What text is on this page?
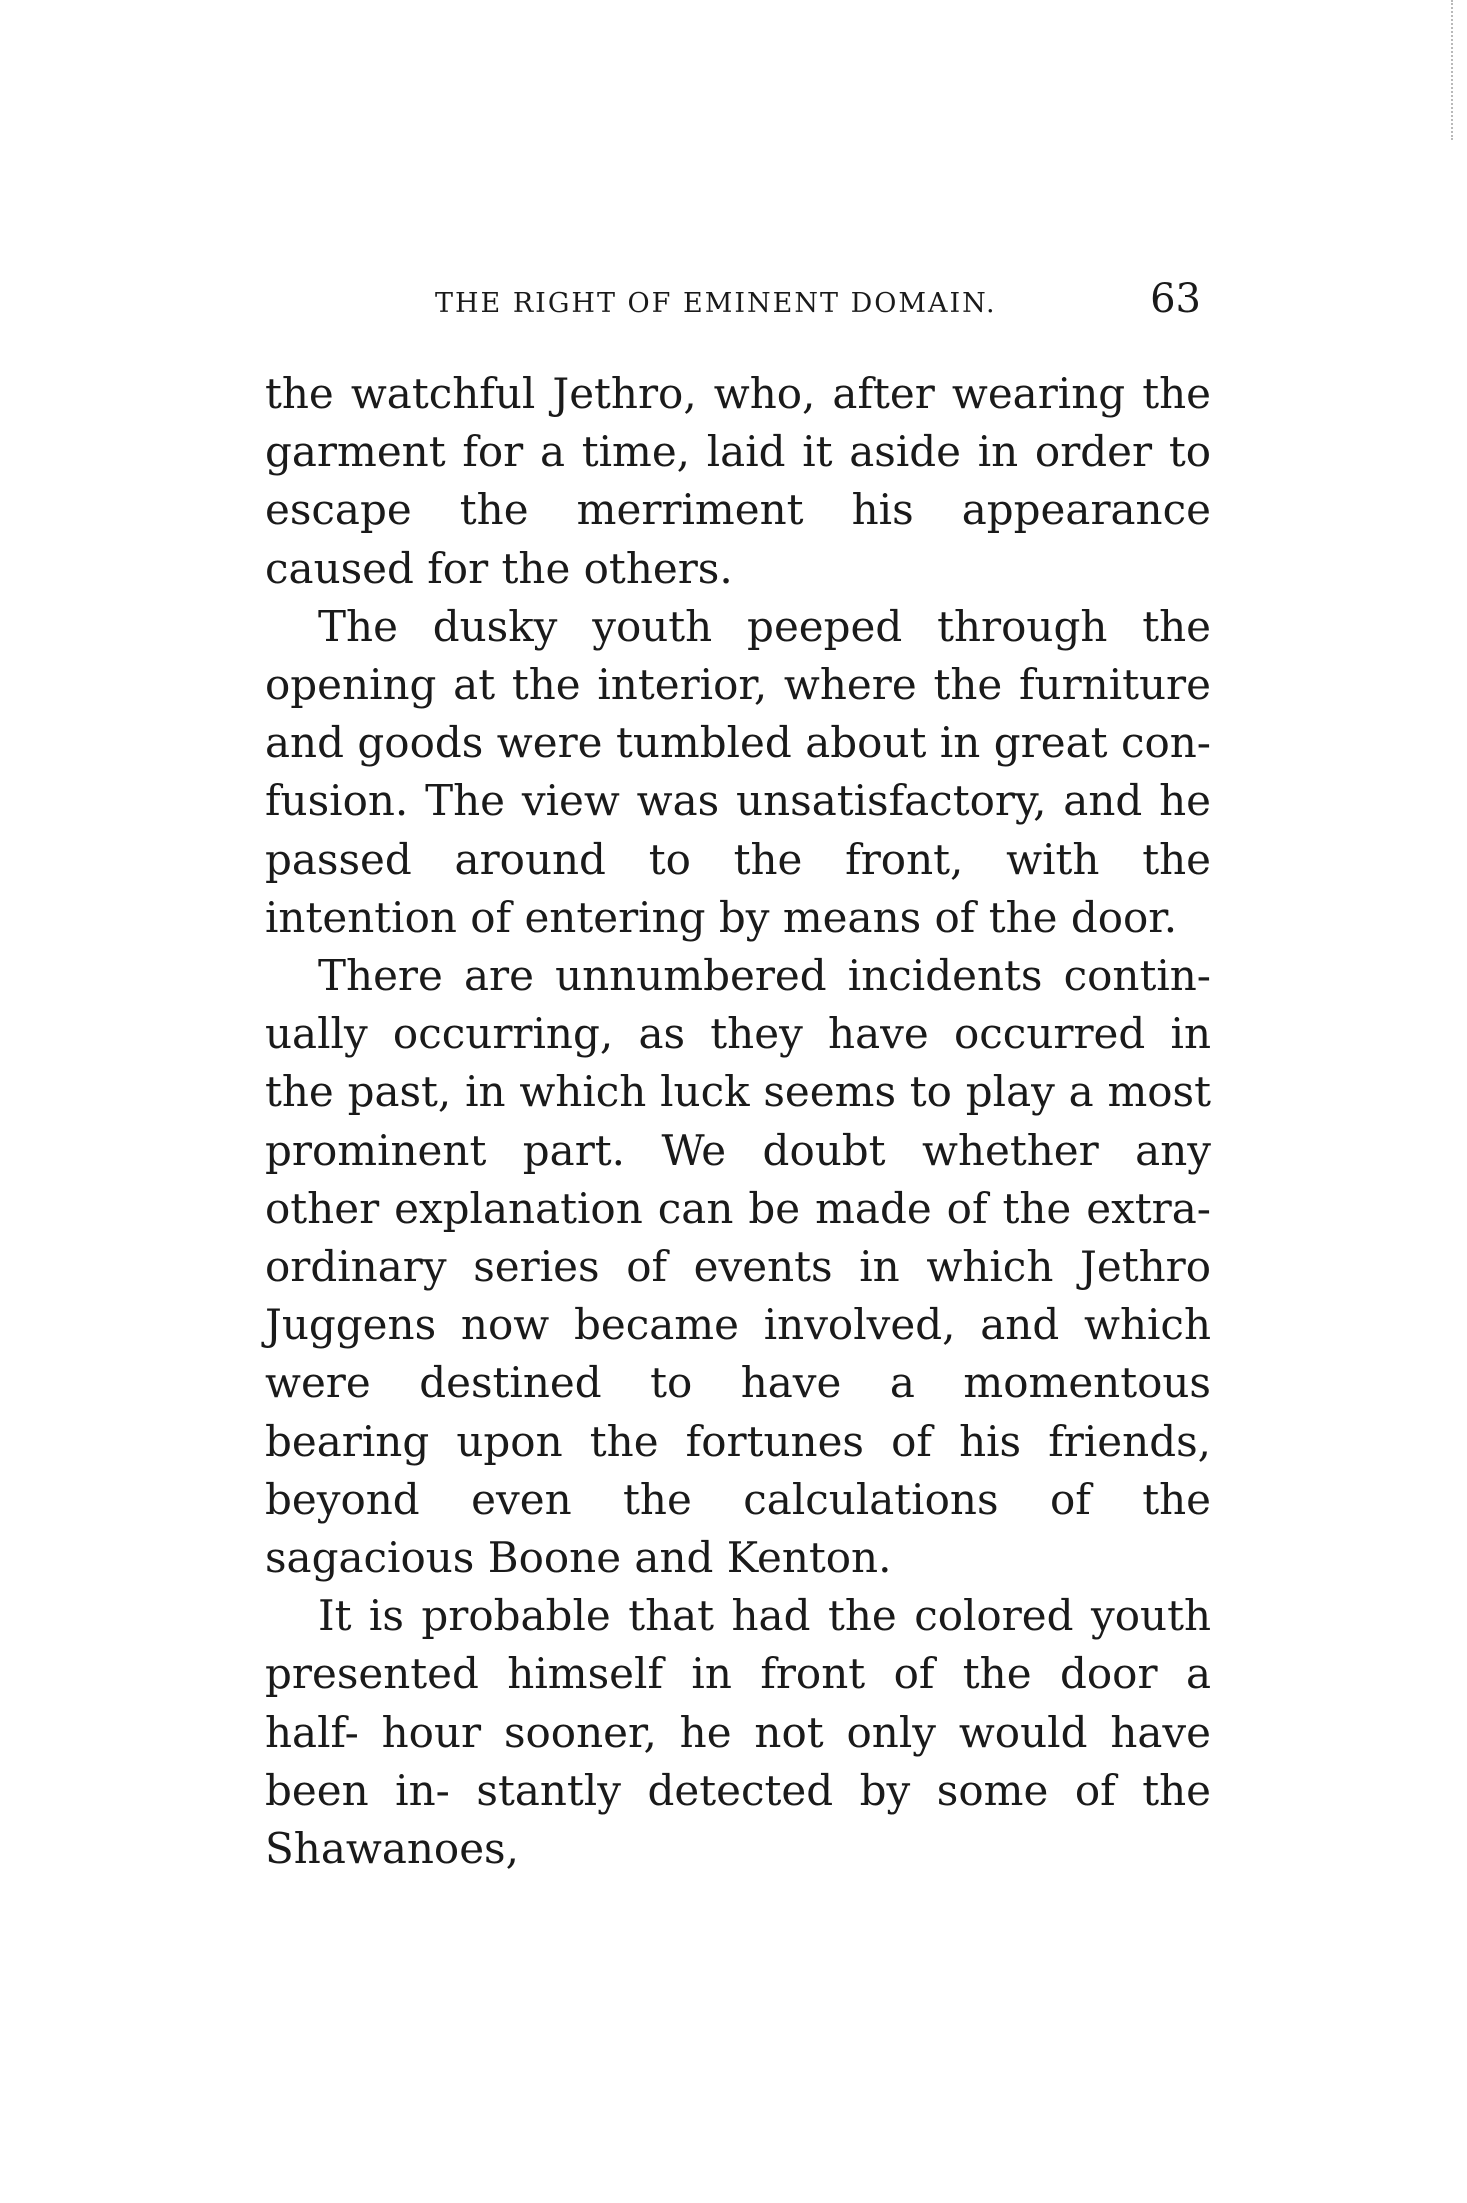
THE RIGHT OF EMINENT DOMAIN.	63

the watchful Jethro, who, after wearing the garment for a time, laid it aside in order to escape the merriment his appearance caused for the others.

The dusky youth peeped through the opening at the interior, where the furniture and goods were tumbled about in great con- fusion. The view was unsatisfactory, and he passed around to the front, with the intention of entering by means of the door.

There are unnumbered incidents contin- ually occurring, as they have occurred in the past, in which luck seems to play a most prominent part. We doubt whether any other explanation can be made of the extra- ordinary series of events in which Jethro Juggens now became involved, and which were destined to have a momentous bearing upon the fortunes of his friends, beyond even the calculations of the sagacious Boone and Kenton.

It is probable that had the colored youth presented himself in front of the door a half- hour sooner, he not only would have been in- stantly detected by some of the Shawanoes,
